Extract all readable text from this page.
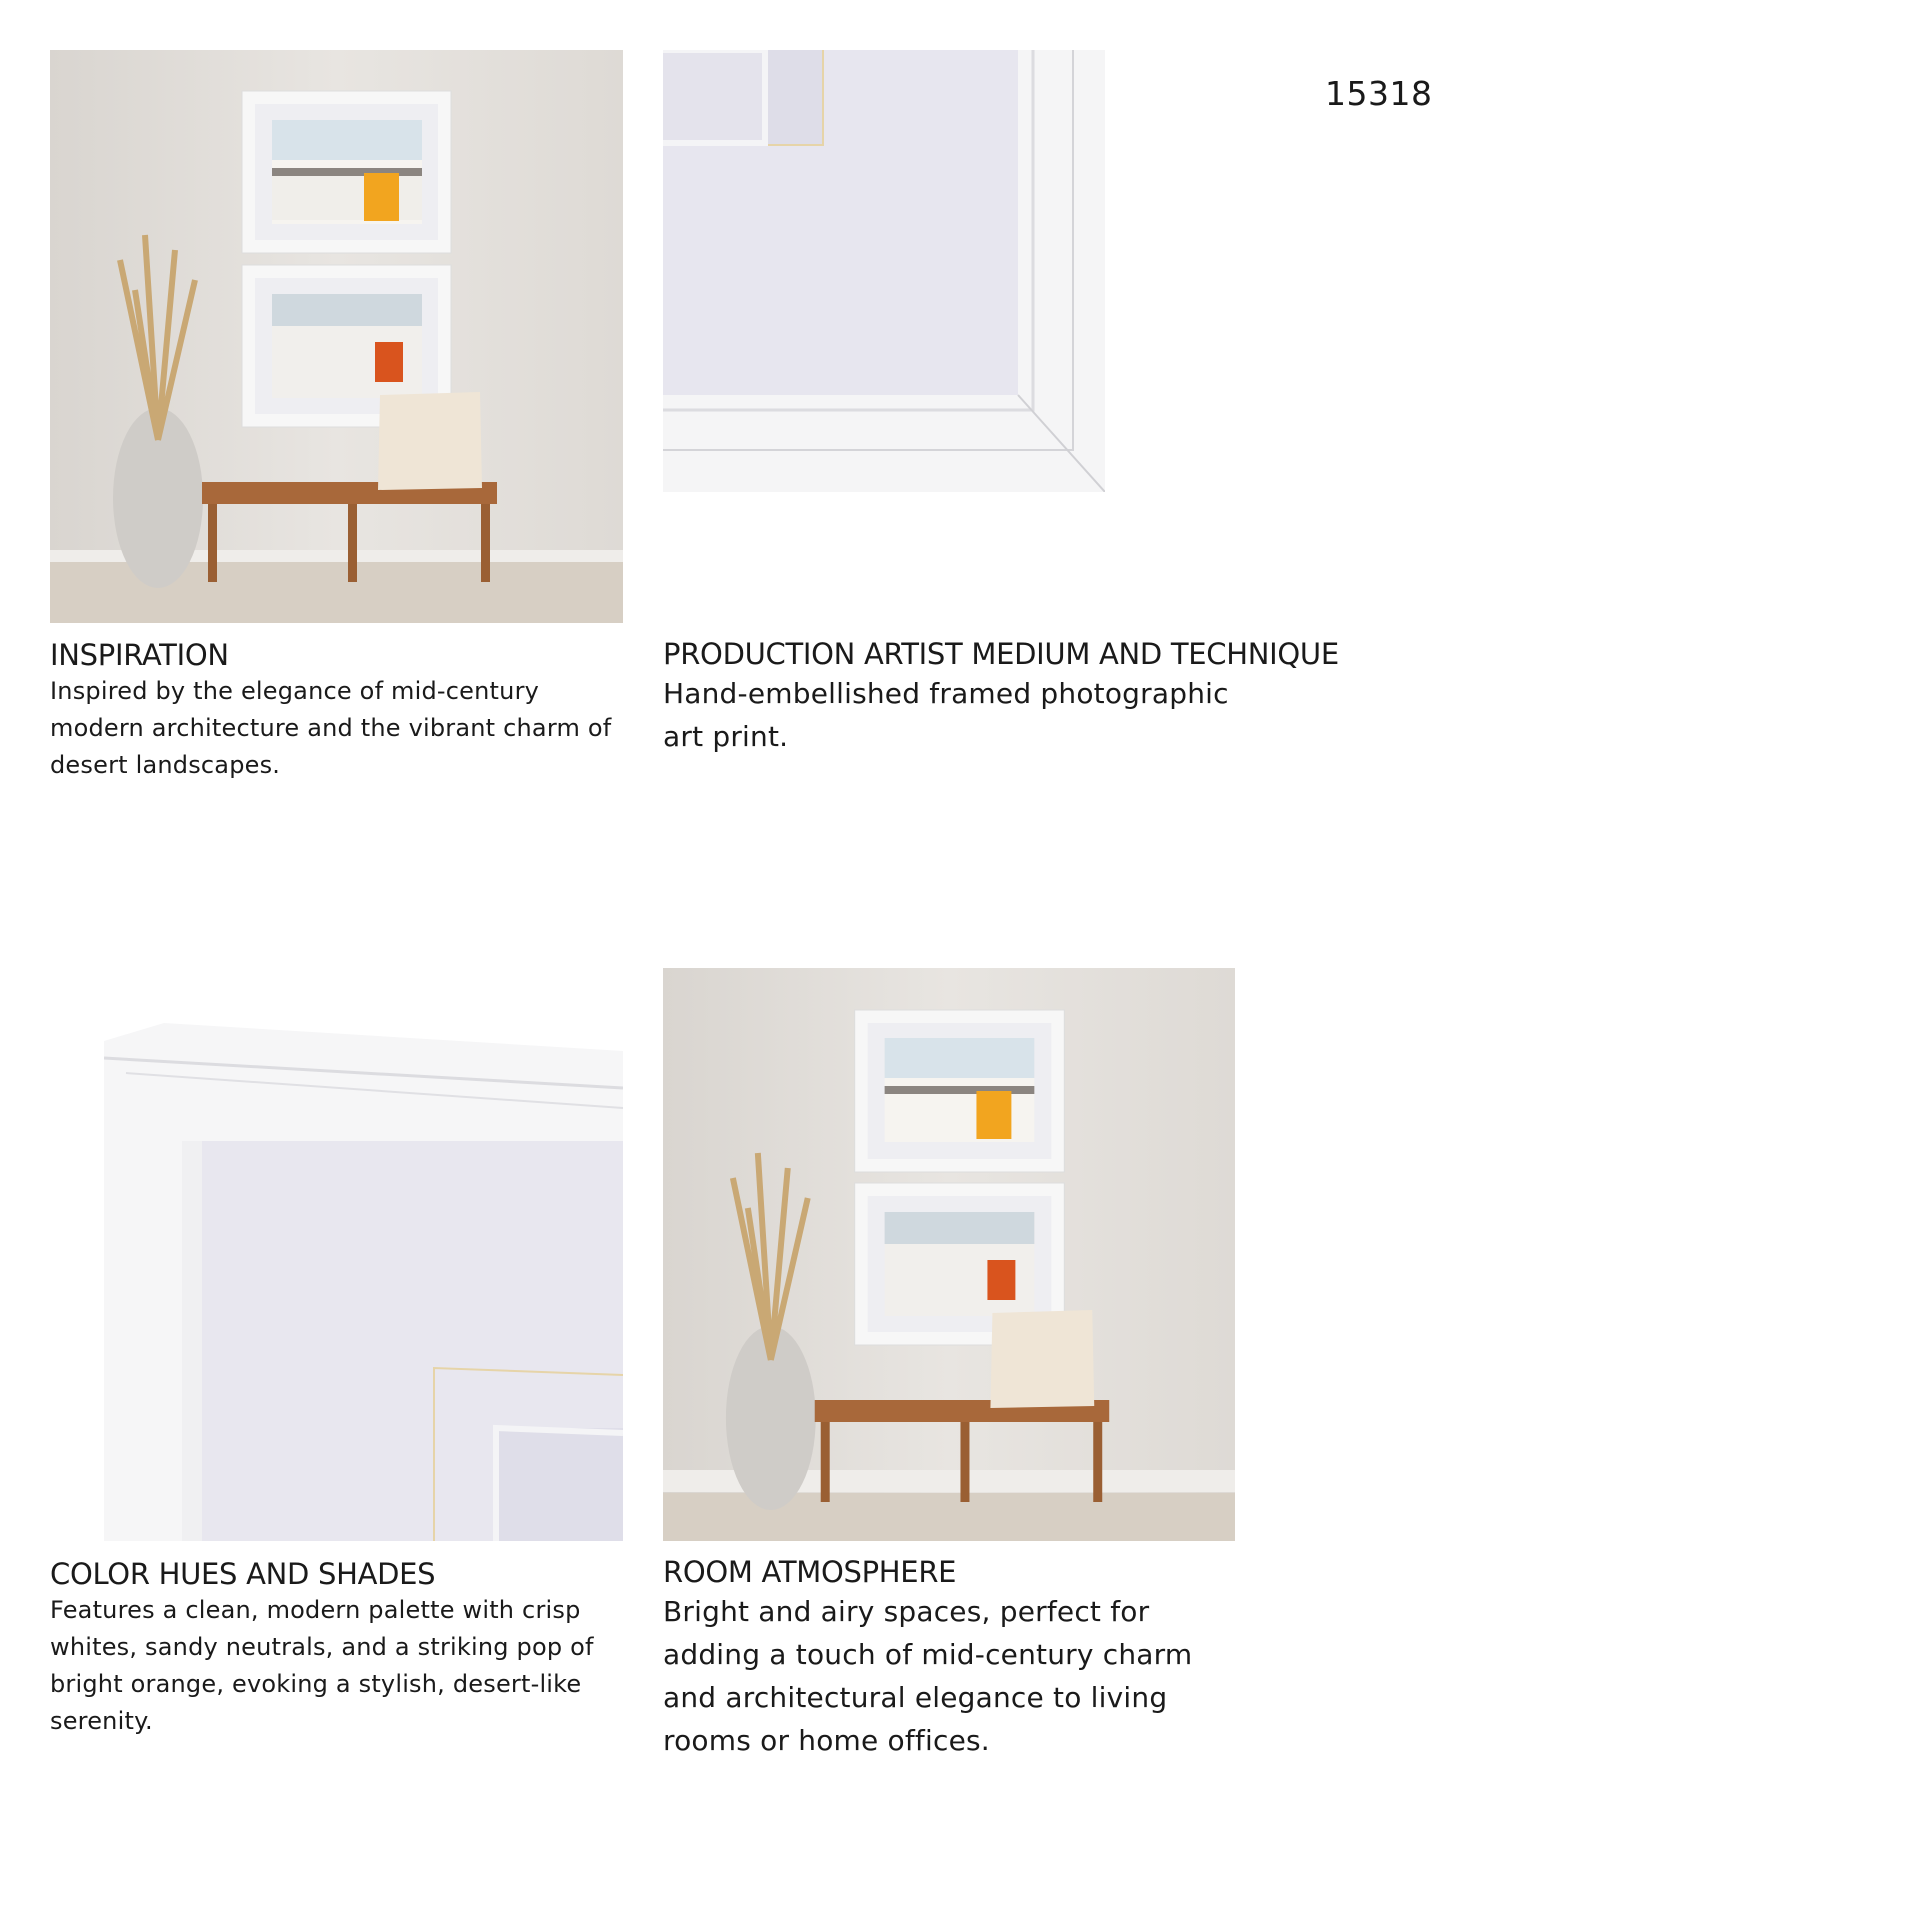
15318
INSPIRATION

Inspired by the elegance of mid-century modern architecture and the vibrant charm of desert landscapes.

PRODUCTION ARTIST MEDIUM AND TECHNIQUE

Hand-embellished framed photographic art print.

COLOR HUES AND SHADES

Features a clean, modern palette with crisp whites, sandy neutrals, and a striking pop of bright orange, evoking a stylish, desert-like serenity.

ROOM ATMOSPHERE

Bright and airy spaces, perfect for adding a touch of mid-century charm and architectural elegance to living rooms or home offices.
